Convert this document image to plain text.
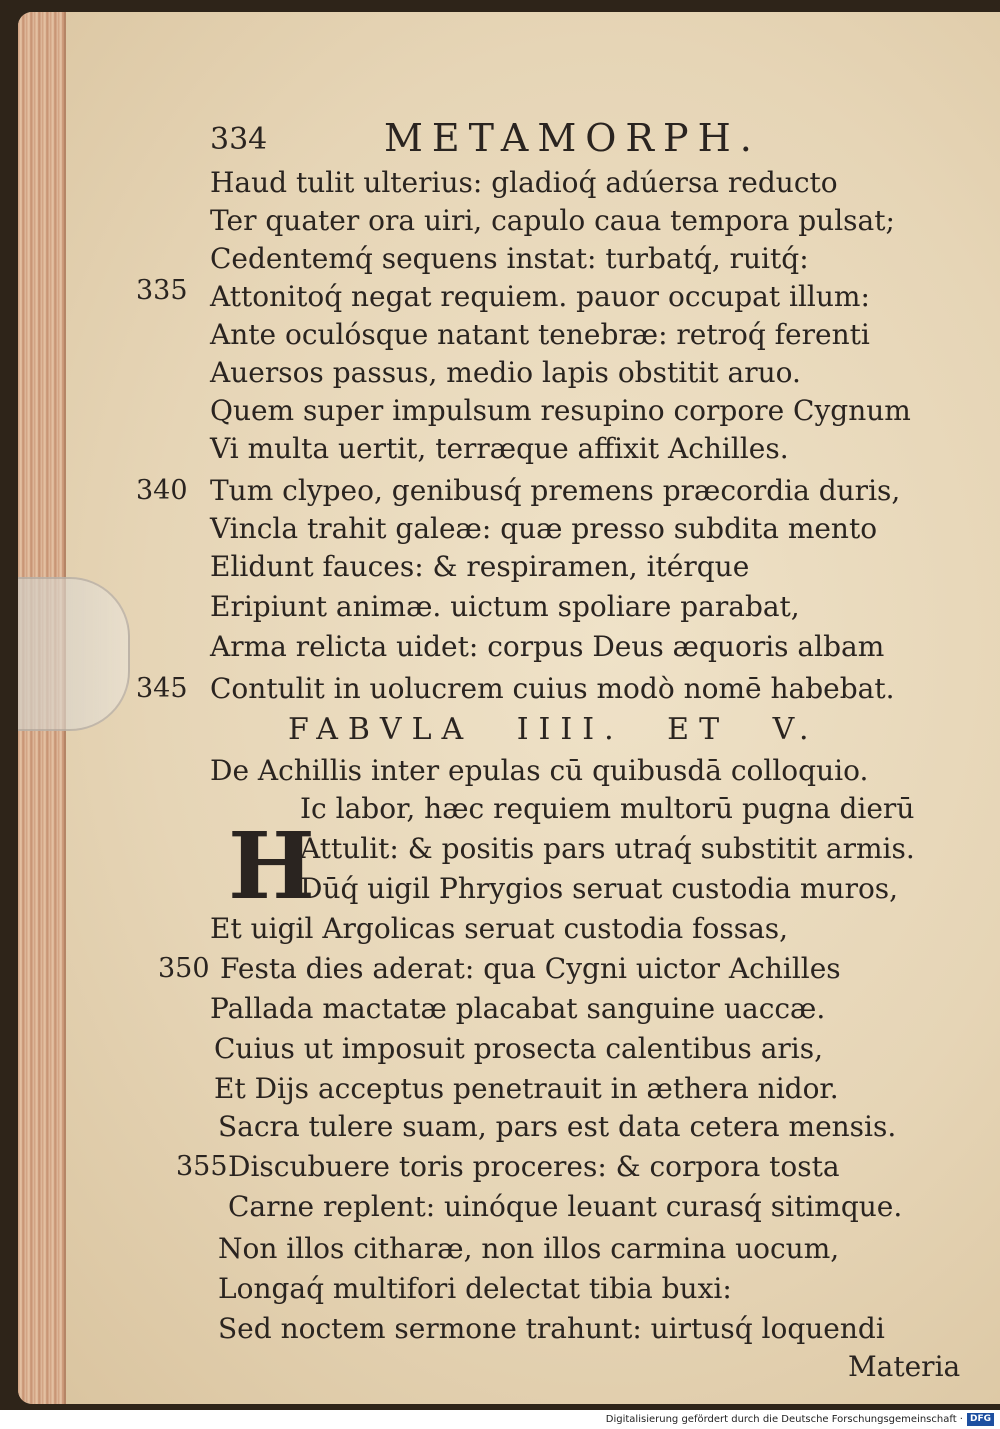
334	METAMORPH.
Haud tulit ulterius: gladioq́ adúersa reducto
Ter quater ora uiri, capulo caua tempora pulsat;
Cedentemq́ sequens instat: turbatq́, ruitq́:
335 Attonitoq́ negat requiem. pauor occupat illum:
Ante oculósque natant tenebræ: retroq́ ferenti
Auersos passus, medio lapis obstitit aruo.
Quem super impulsum resupino corpore Cygnum
Vi multa uertit, terræque affixit Achilles.
340 Tum clypeo, genibusq́ premens præcordia duris,
Vincla trahit galeæ: quæ presso subdita mento
Elidunt fauces: & respiramen, itérque
Eripiunt animæ. uictum spoliare parabat,
Arma relicta uidet: corpus Deus æquoris albam
345 Contulit in uolucrem cuius modò nomē habebat.
FABVLA IIII. ET V.
De Achillis inter epulas cū quibusdā colloquio.
H
Ic labor, hæc requiem multorū pugna dierū
Attulit: & positis pars utraq́ substitit armis.
Dūq́ uigil Phrygios seruat custodia muros,
Et uigil Argolicas seruat custodia fossas,
350 Festa dies aderat: qua Cygni uictor Achilles
Pallada mactatæ placabat sanguine uaccæ.
Cuius ut imposuit prosecta calentibus aris,
Et Dijs acceptus penetrauit in æthera nidor.
Sacra tulere suam, pars est data cetera mensis.
355 Discubuere toris proceres: & corpora tosta
Carne replent: uinóque leuant curasq́ sitimque.
Non illos citharæ, non illos carmina uocum,
Longaq́ multifori delectat tibia buxi:
Sed noctem sermone trahunt: uirtusq́ loquendi
Materia
Digitalisierung gefördert durch die Deutsche Forschungsgemeinschaft · DFG
